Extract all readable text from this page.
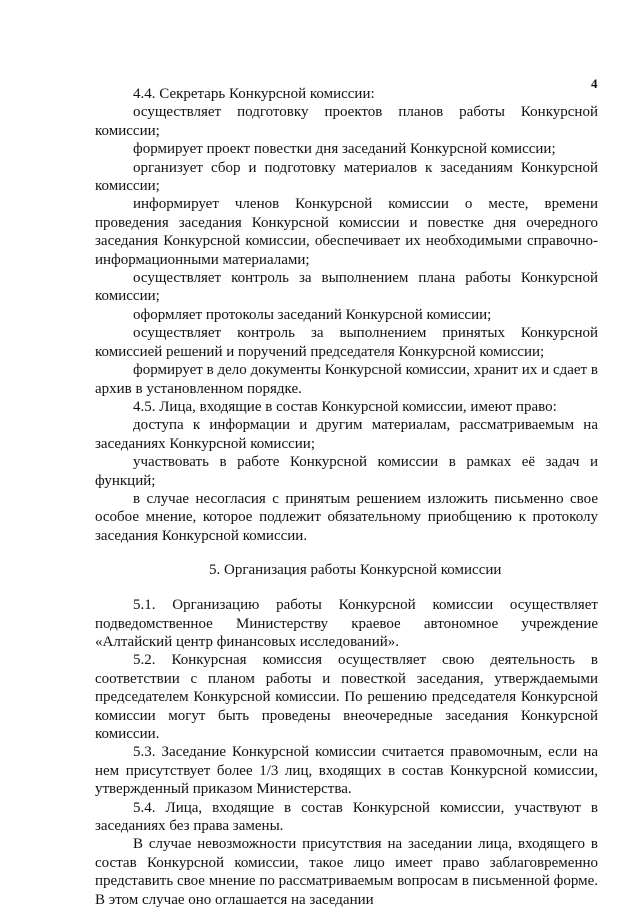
4

4.4. Секретарь Конкурсной комиссии:

осуществляет подготовку проектов планов работы Конкурсной комиссии;

формирует проект повестки дня заседаний Конкурсной комиссии;

организует сбор и подготовку материалов к заседаниям Конкурсной комиссии;

информирует членов Конкурсной комиссии о месте, времени проведения заседания Конкурсной комиссии и повестке дня очередного заседания Конкурсной комиссии, обеспечивает их необходимыми справочно-информационными материалами;

осуществляет контроль за выполнением плана работы Конкурсной комиссии;

оформляет протоколы заседаний Конкурсной комиссии;

осуществляет контроль за выполнением принятых Конкурсной комиссией решений и поручений председателя Конкурсной комиссии;

формирует в дело документы Конкурсной комиссии, хранит их и сдает в архив в установленном порядке.

4.5. Лица, входящие в состав Конкурсной комиссии, имеют право:

доступа к информации и другим материалам, рассматриваемым на заседаниях Конкурсной комиссии;

участвовать в работе Конкурсной комиссии в рамках её задач и функций;

в случае несогласия с принятым решением изложить письменно свое особое мнение, которое подлежит обязательному приобщению к протоколу заседания Конкурсной комиссии.

5. Организация работы Конкурсной комиссии

5.1. Организацию работы Конкурсной комиссии осуществляет подведомственное Министерству краевое автономное учреждение «Алтайский центр финансовых исследований».

5.2. Конкурсная комиссия осуществляет свою деятельность в соответствии с планом работы и повесткой заседания, утверждаемыми председателем Конкурсной комиссии. По решению председателя Конкурсной комиссии могут быть проведены внеочередные заседания Конкурсной комиссии.

5.3. Заседание Конкурсной комиссии считается правомочным, если на нем присутствует более 1/3 лиц, входящих в состав Конкурсной комиссии, утвержденный приказом Министерства.

5.4. Лица, входящие в состав Конкурсной комиссии, участвуют в заседаниях без права замены.

В случае невозможности присутствия на заседании лица, входящего в состав Конкурсной комиссии, такое лицо имеет право заблаговременно представить свое мнение по рассматриваемым вопросам в письменной форме. В этом случае оно оглашается на заседании
